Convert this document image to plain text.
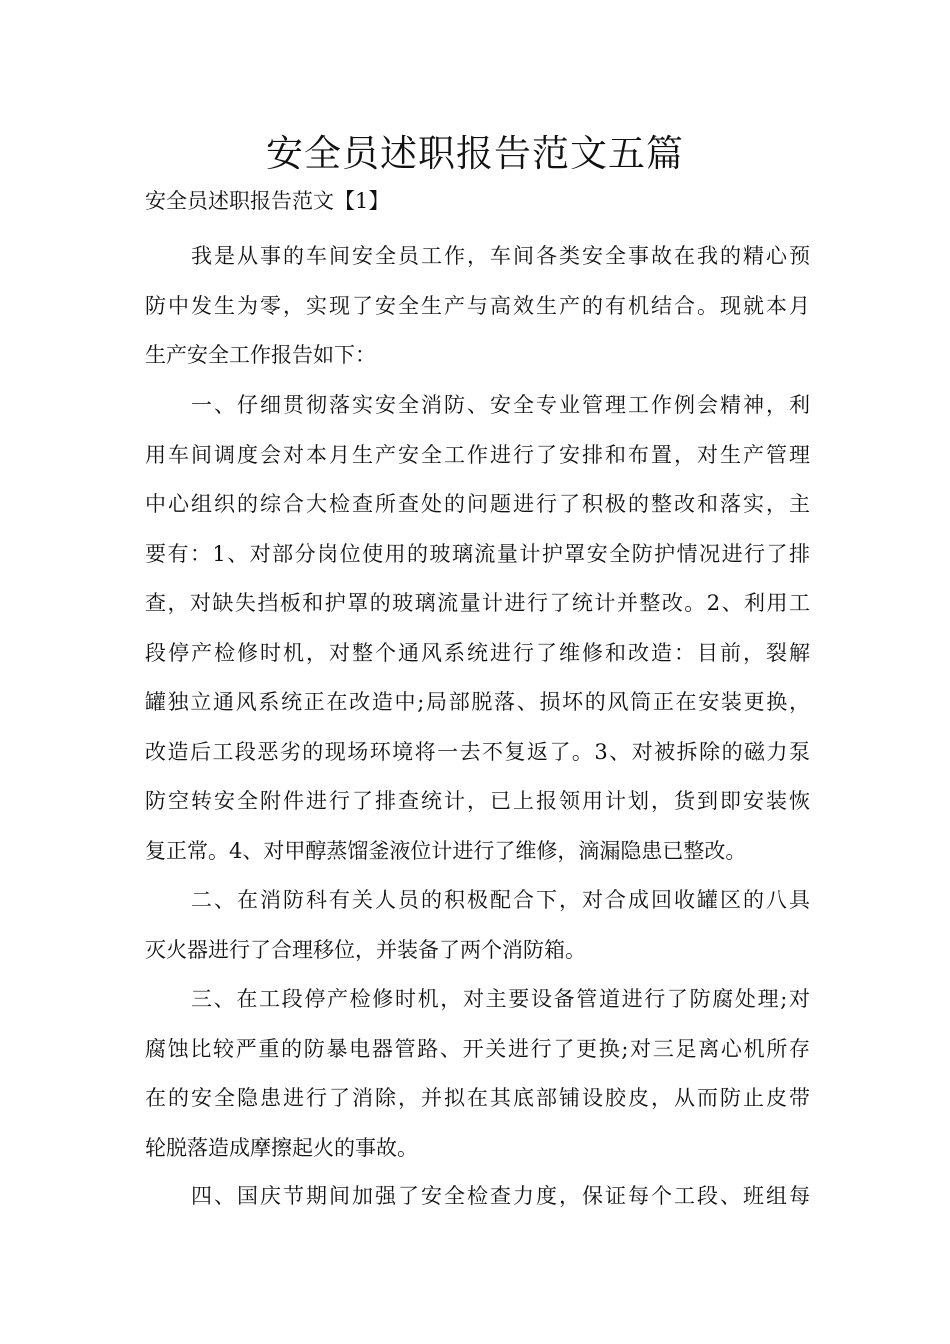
安全员述职报告范文五篇
安全员述职报告范文【1】
我是从事的车间安全员工作，车间各类安全事故在我的精心预
防中发生为零，实现了安全生产与高效生产的有机结合。现就本月
生产安全工作报告如下：
一、仔细贯彻落实安全消防、安全专业管理工作例会精神，利
用车间调度会对本月生产安全工作进行了安排和布置，对生产管理
中心组织的综合大检查所查处的问题进行了积极的整改和落实，主
要有：1、对部分岗位使用的玻璃流量计护罩安全防护情况进行了排
查，对缺失挡板和护罩的玻璃流量计进行了统计并整改。2、利用工
段停产检修时机，对整个通风系统进行了维修和改造：目前，裂解
罐独立通风系统正在改造中;局部脱落、损坏的风筒正在安装更换，
改造后工段恶劣的现场环境将一去不复返了。3、对被拆除的磁力泵
防空转安全附件进行了排查统计，已上报领用计划，货到即安装恢
复正常。4、对甲醇蒸馏釜液位计进行了维修，滴漏隐患已整改。
二、在消防科有关人员的积极配合下，对合成回收罐区的八具
灭火器进行了合理移位，并装备了两个消防箱。
三、在工段停产检修时机，对主要设备管道进行了防腐处理;对
腐蚀比较严重的防暴电器管路、开关进行了更换;对三足离心机所存
在的安全隐患进行了消除，并拟在其底部铺设胶皮，从而防止皮带
轮脱落造成摩擦起火的事故。
四、国庆节期间加强了安全检查力度，保证每个工段、班组每
